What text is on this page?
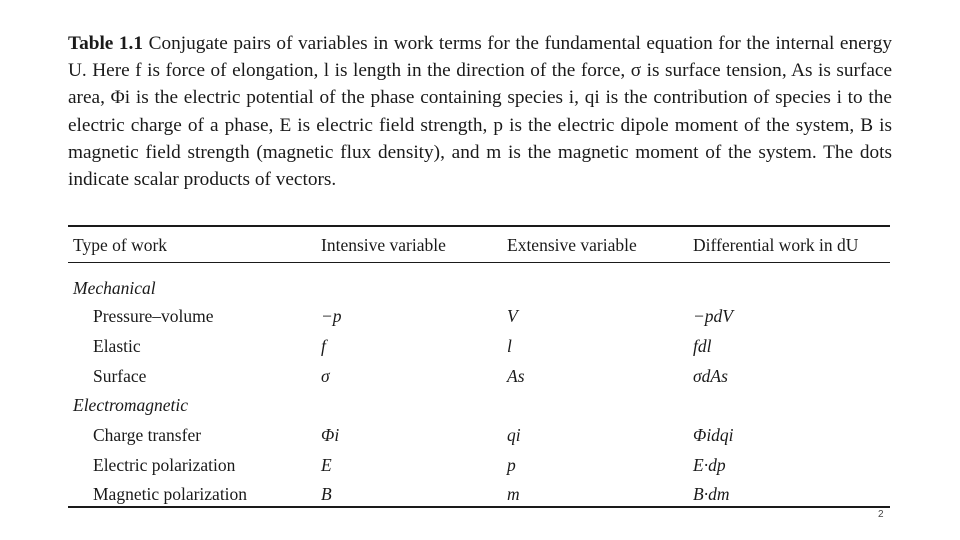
Table 1.1 Conjugate pairs of variables in work terms for the fundamental equation for the internal energy U. Here f is force of elongation, l is length in the direction of the force, σ is surface tension, As is surface area, Φi is the electric potential of the phase containing species i, qi is the contribution of species i to the electric charge of a phase, E is electric field strength, p is the electric dipole moment of the system, B is magnetic field strength (magnetic flux density), and m is the magnetic moment of the system. The dots indicate scalar products of vectors.
Type of work	Intensive variable	Extensive variable	Differential work in dU
Mechanical			
Pressure–volume	−p	V	−pdV
Elastic	f	l	fdl
Surface	σ	As	σdAs
Electromagnetic			
Charge transfer	Φi	qi	Φidqi
Electric polarization	E	p	E·dp
Magnetic polarization	B	m	B·dm
2
